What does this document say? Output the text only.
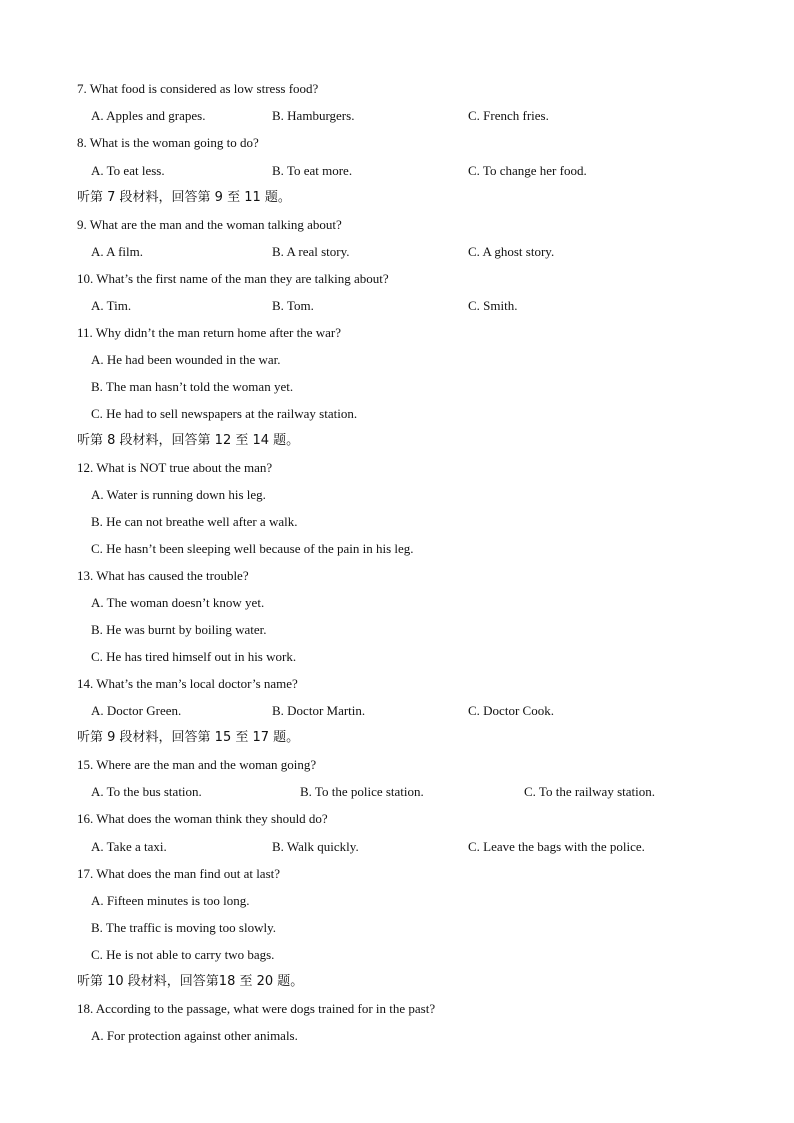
7. What food is considered as low stress food?
A. Apples and grapes.	B. Hamburgers.	C. French fries.
8. What is the woman going to do?
A. To eat less.	B. To eat more.	C. To change her food.
听第 7 段材料，回答第 9 至 11 题。
9. What are the man and the woman talking about?
A. A film.	B. A real story.	C. A ghost story.
10. What’s the first name of the man they are talking about?
A. Tim.	B. Tom.	C. Smith.
11. Why didn’t the man return home after the war?
A. He had been wounded in the war.
B. The man hasn’t told the woman yet.
C. He had to sell newspapers at the railway station.
听第 8 段材料，回答第 12 至 14 题。
12. What is NOT true about the man?
A. Water is running down his leg.
B. He can not breathe well after a walk.
C. He hasn’t been sleeping well because of the pain in his leg.
13. What has caused the trouble?
A. The woman doesn’t know yet.
B. He was burnt by boiling water.
C. He has tired himself out in his work.
14. What’s the man’s local doctor’s name?
A. Doctor Green.	B. Doctor Martin.	C. Doctor Cook.
听第 9 段材料，回答第 15 至 17 题。
15. Where are the man and the woman going?
A. To the bus station.	B. To the police station.	C. To the railway station.
16. What does the woman think they should do?
A. Take a taxi.	B. Walk quickly.	C. Leave the bags with the police.
17. What does the man find out at last?
A. Fifteen minutes is too long.
B. The traffic is moving too slowly.
C. He is not able to carry two bags.
听第 10 段材料，回答第18 至 20 题。
18. According to the passage, what were dogs trained for in the past?
A. For protection against other animals.
